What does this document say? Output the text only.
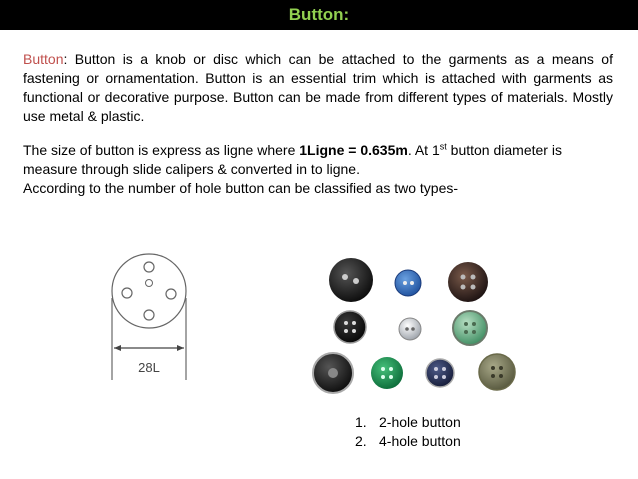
Button:

Button: Button is a knob or disc which can be attached to the garments as a means of fastening or ornamentation. Button is an essential trim which is attached with garments as functional or decorative purpose. Button can be made from different types of materials. Mostly use metal & plastic.

The size of button is express as ligne where 1Ligne = 0.635m. At 1st button diameter is measure through slide calipers & converted in to ligne.
According to the number of hole button can be classified as two types-

28L
1. 2-hole button
2. 4-hole button
